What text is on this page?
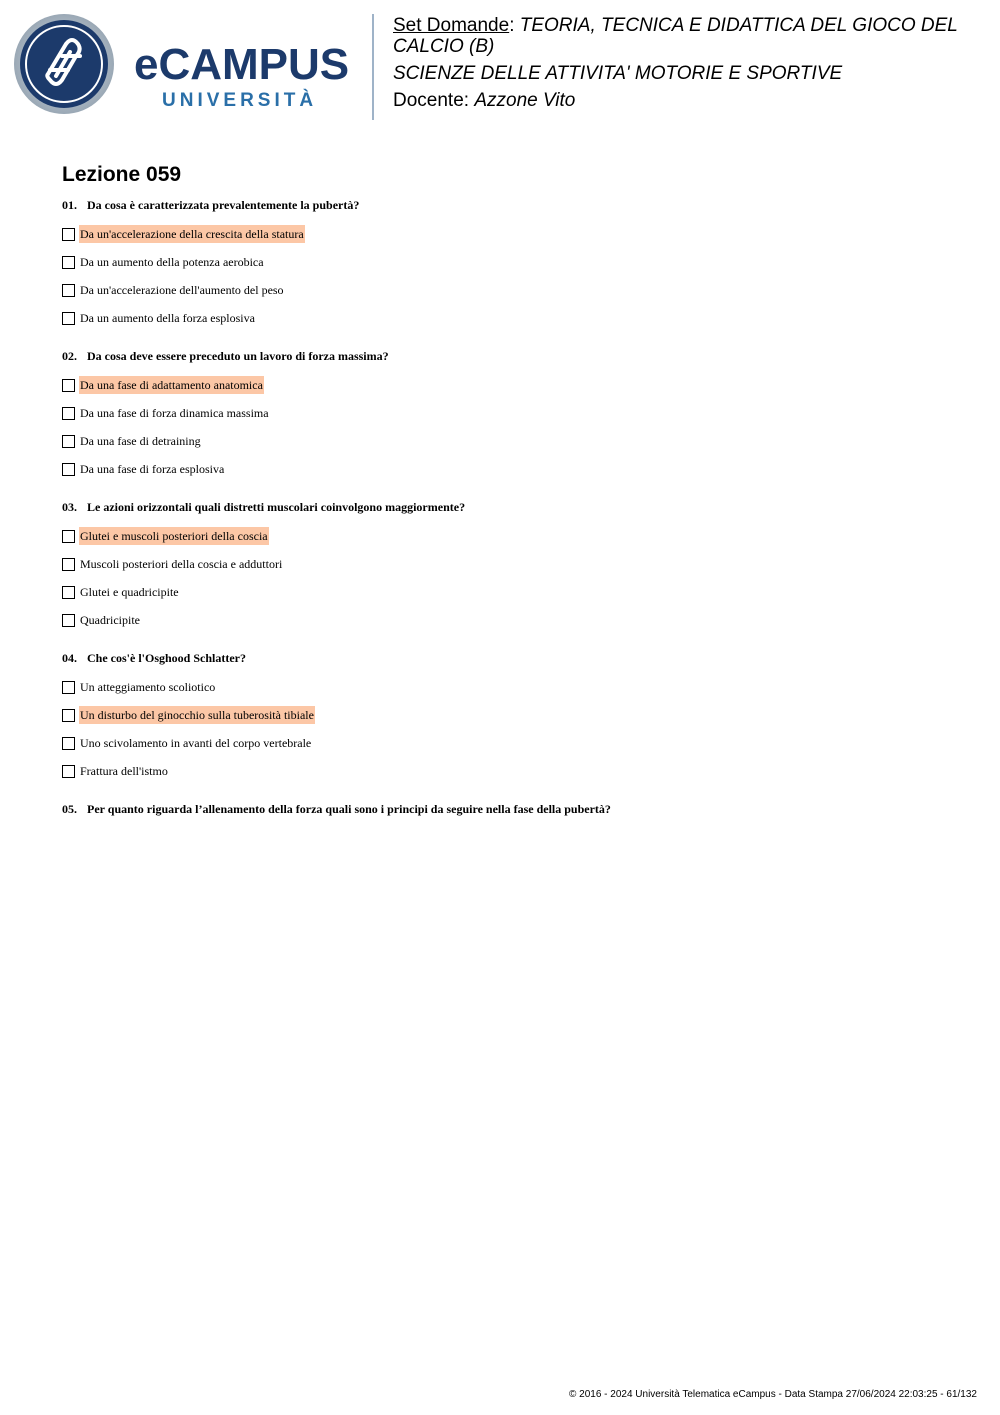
eCAMPUS
UNIVERSITÀ

Set Domande: TEORIA, TECNICA E DIDATTICA DEL GIOCO DEL CALCIO (B)

SCIENZE DELLE ATTIVITA' MOTORIE E SPORTIVE

Docente: Azzone Vito

Lezione 059

01. Da cosa è caratterizzata prevalentemente la pubertà?

Da un'accelerazione della crescita della statura
Da un aumento della potenza aerobica
Da un'accelerazione dell'aumento del peso
Da un aumento della forza esplosiva

02. Da cosa deve essere preceduto un lavoro di forza massima?

Da una fase di adattamento anatomica
Da una fase di forza dinamica massima
Da una fase di detraining
Da una fase di forza esplosiva

03. Le azioni orizzontali quali distretti muscolari coinvolgono maggiormente?

Glutei e muscoli posteriori della coscia
Muscoli posteriori della coscia e adduttori
Glutei e quadricipite
Quadricipite

04. Che cos'è l'Osghood Schlatter?

Un atteggiamento scoliotico
Un disturbo del ginocchio sulla tuberosità tibiale
Uno scivolamento in avanti del corpo vertebrale
Frattura dell'istmo

05. Per quanto riguarda l’allenamento della forza quali sono i principi da seguire nella fase della pubertà?

© 2016 - 2024 Università Telematica eCampus - Data Stampa 27/06/2024 22:03:25 - 61/132
